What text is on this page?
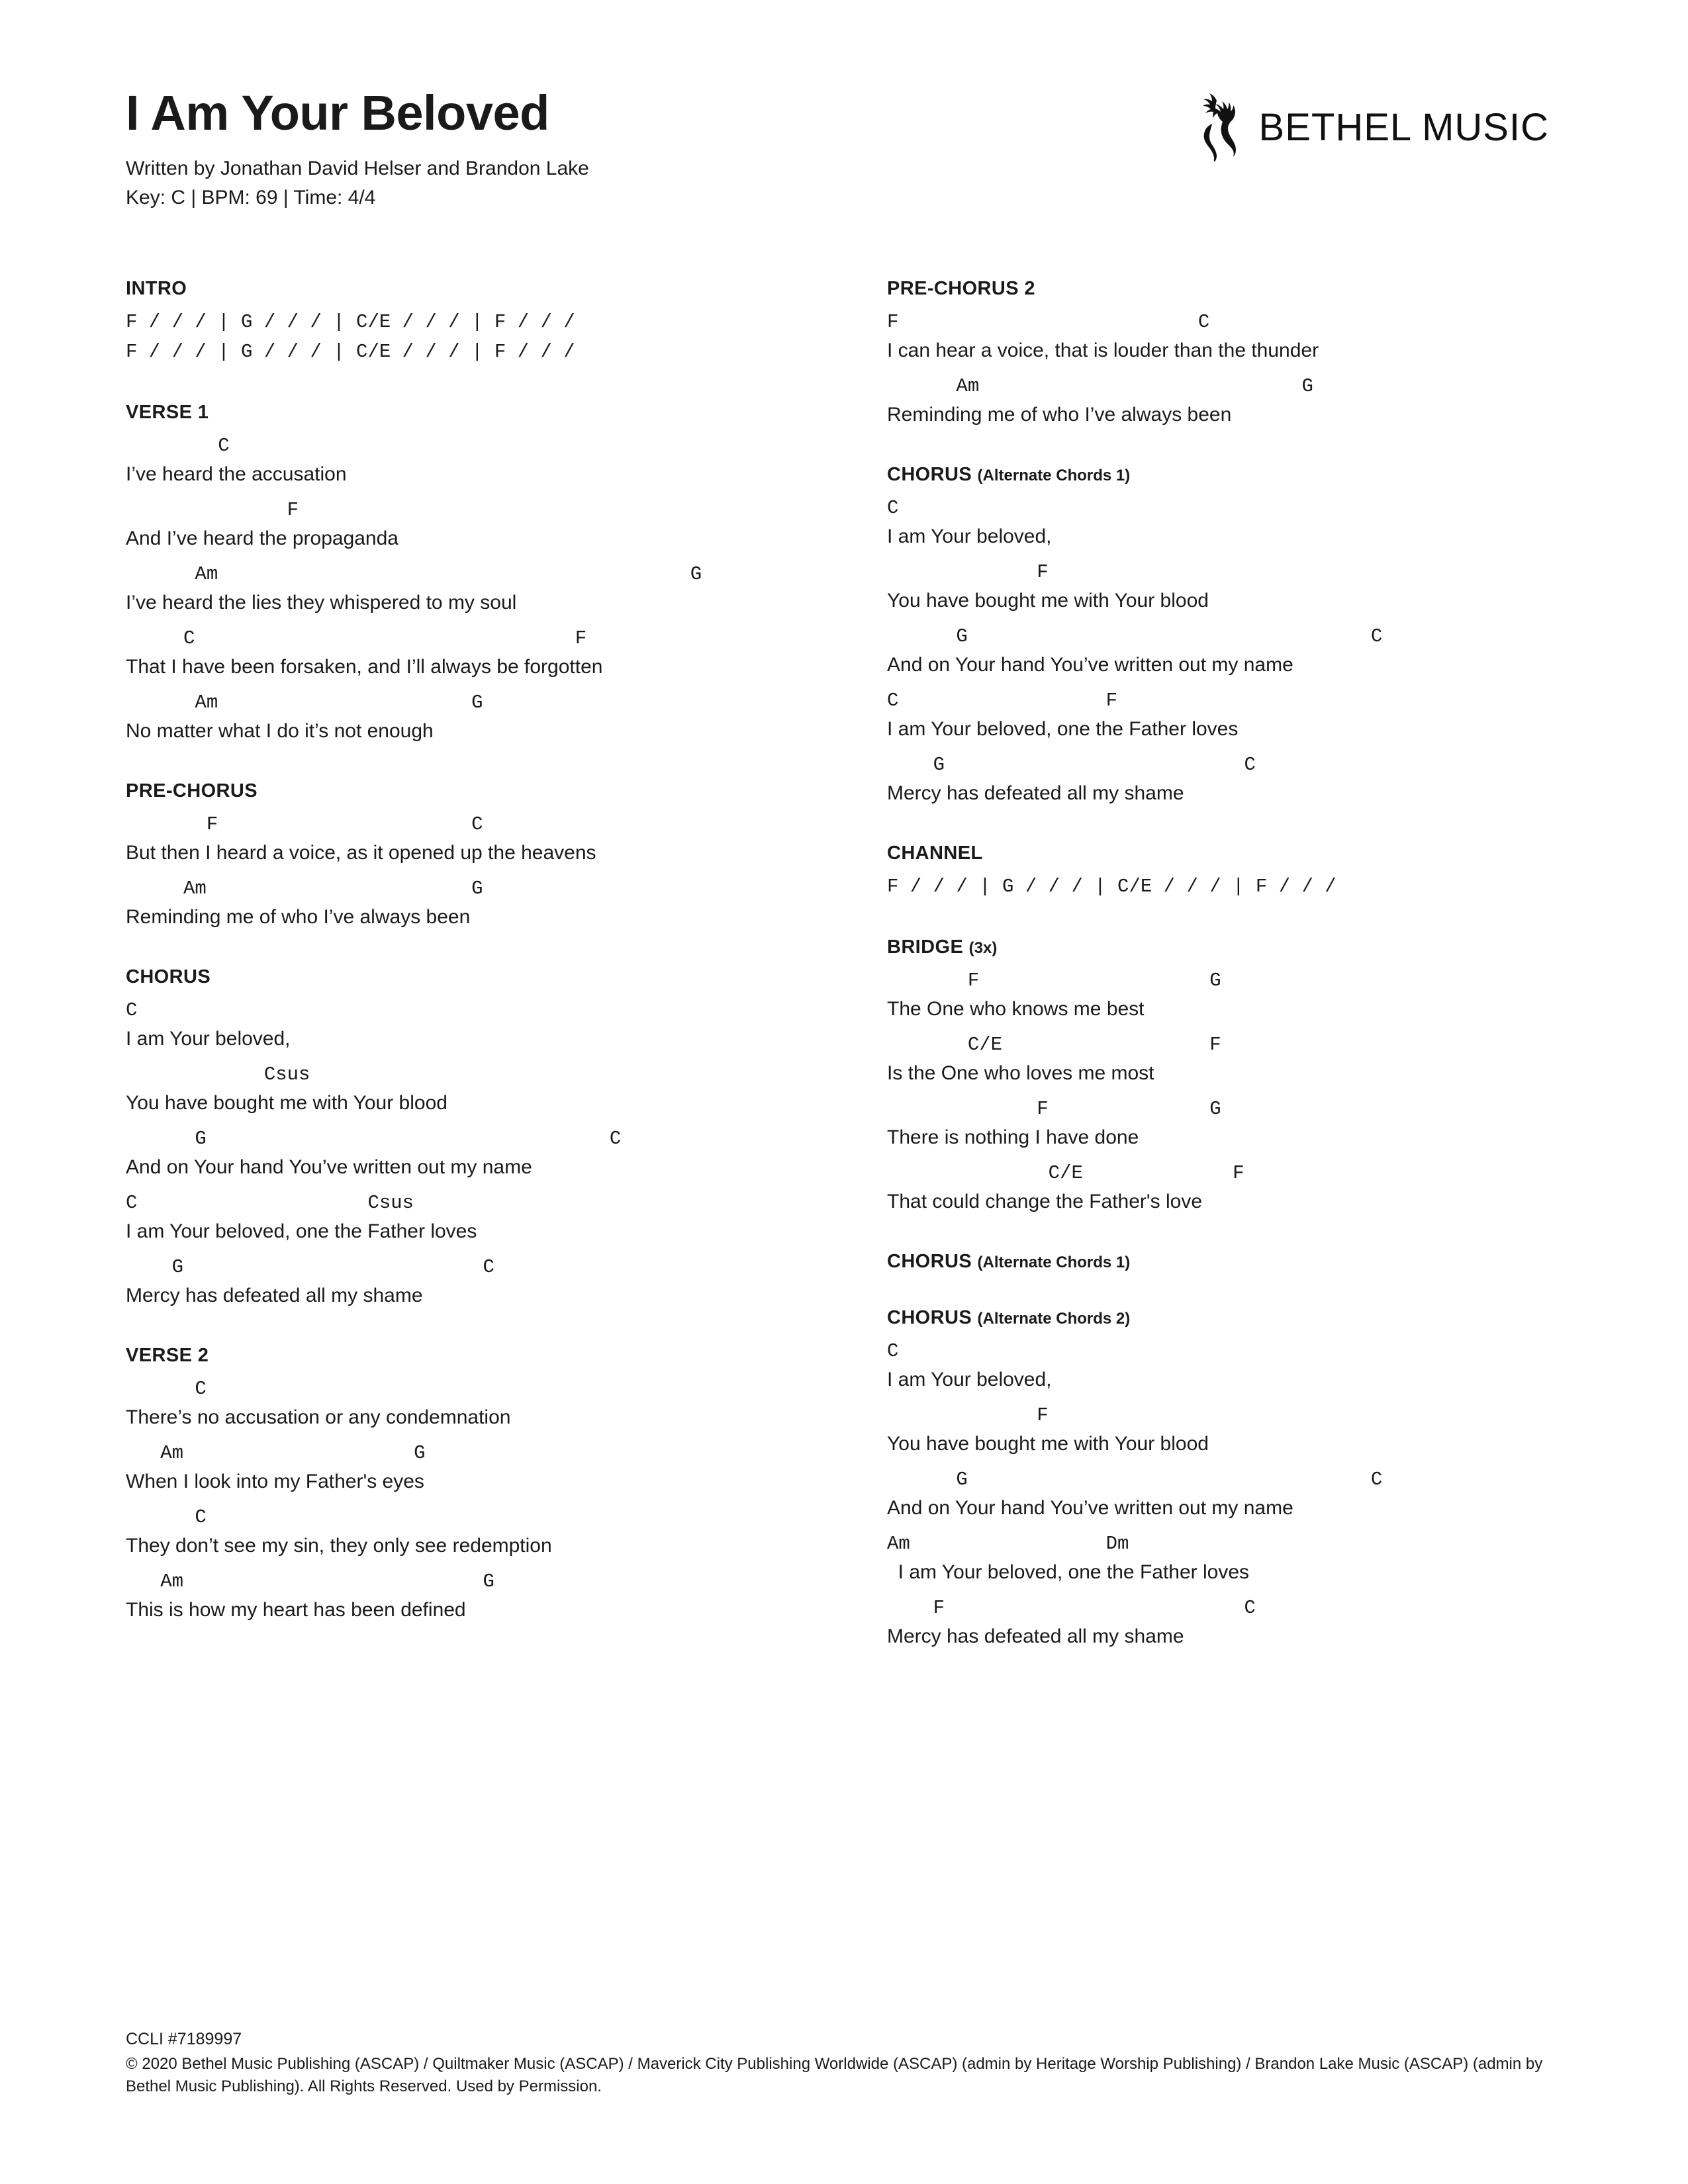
I Am Your Beloved
Written by Jonathan David Helser and Brandon Lake
Key: C | BPM: 69 | Time: 4/4
BETHEL MUSIC
INTRO
F / / / | G / / / | C/E / / / | F / / /
F / / / | G / / / | C/E / / / | F / / /
VERSE 1
C
I’ve heard the accusation
F
And I’ve heard the propaganda
Am                                         G
I’ve heard the lies they whispered to my soul
C                                 F
That I have been forsaken, and I’ll always be forgotten
Am                      G
No matter what I do it’s not enough
PRE-CHORUS
F                      C
But then I heard a voice, as it opened up the heavens
Am                       G
Reminding me of who I’ve always been
CHORUS
C
I am Your beloved,
Csus
You have bought me with Your blood
G                                   C
And on Your hand You’ve written out my name
C                    Csus
I am Your beloved, one the Father loves
G                          C
Mercy has defeated all my shame
VERSE 2
C
There’s no accusation or any condemnation
Am                    G
When I look into my Father's eyes
C
They don’t see my sin, they only see redemption
Am                          G
This is how my heart has been defined
PRE-CHORUS 2
F                          C
I can hear a voice, that is louder than the thunder
Am                            G
Reminding me of who I’ve always been
CHORUS (Alternate Chords 1)
C
I am Your beloved,
F
You have bought me with Your blood
G                                   C
And on Your hand You’ve written out my name
C                  F
I am Your beloved, one the Father loves
G                          C
Mercy has defeated all my shame
CHANNEL
F / / / | G / / / | C/E / / / | F / / /
BRIDGE (3x)
F                    G
The One who knows me best
C/E                  F
Is the One who loves me most
F              G
There is nothing I have done
C/E             F
That could change the Father's love
CHORUS (Alternate Chords 1)
CHORUS (Alternate Chords 2)
C
I am Your beloved,
F
You have bought me with Your blood
G                                   C
And on Your hand You’ve written out my name
Am                 Dm
I am Your beloved, one the Father loves
F                          C
Mercy has defeated all my shame
CCLI #7189997
© 2020 Bethel Music Publishing (ASCAP) / Quiltmaker Music (ASCAP) / Maverick City Publishing Worldwide (ASCAP) (admin by Heritage Worship Publishing) / Brandon Lake Music (ASCAP) (admin by Bethel Music Publishing). All Rights Reserved. Used by Permission.
